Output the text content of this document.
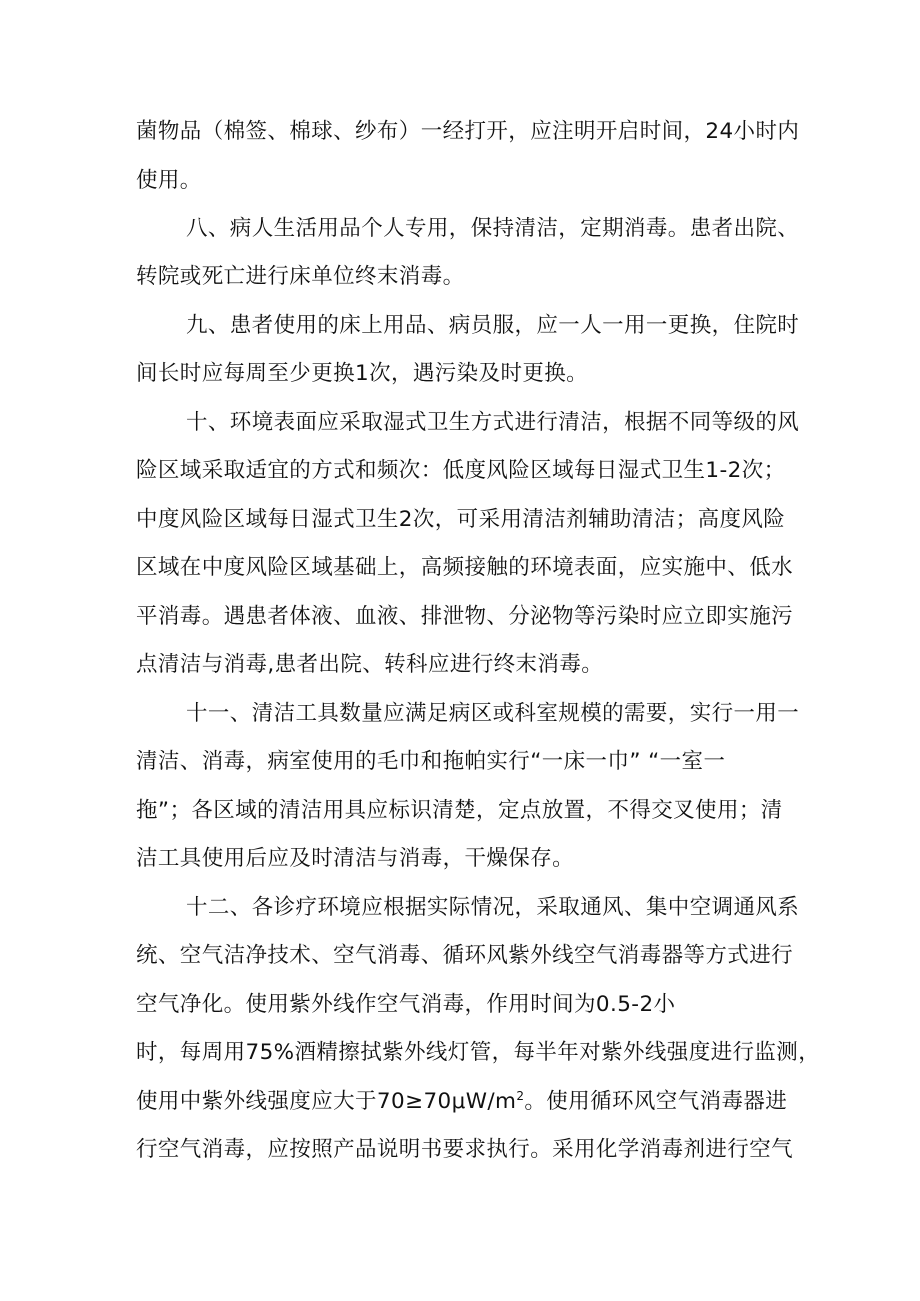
菌物品（棉签、棉球、纱布）一经打开，应注明开启时间，24小时内
使用。
八、病人生活用品个人专用，保持清洁，定期消毒。患者出院、
转院或死亡进行床单位终末消毒。
九、患者使用的床上用品、病员服，应一人一用一更换，住院时
间长时应每周至少更换1次，遇污染及时更换。
十、环境表面应采取湿式卫生方式进行清洁，根据不同等级的风
险区域采取适宜的方式和频次：低度风险区域每日湿式卫生1-2次；
中度风险区域每日湿式卫生2次，可采用清洁剂辅助清洁；高度风险
区域在中度风险区域基础上，高频接触的环境表面，应实施中、低水
平消毒。遇患者体液、血液、排泄物、分泌物等污染时应立即实施污
点清洁与消毒,患者出院、转科应进行终末消毒。
十一、清洁工具数量应满足病区或科室规模的需要，实行一用一
清洁、消毒，病室使用的毛巾和拖帕实行“一床一巾” “一室一
拖”；各区域的清洁用具应标识清楚，定点放置，不得交叉使用；清
洁工具使用后应及时清洁与消毒，干燥保存。
十二、各诊疗环境应根据实际情况，采取通风、集中空调通风系
统、空气洁净技术、空气消毒、循环风紫外线空气消毒器等方式进行
空气净化。使用紫外线作空气消毒，作用时间为0.5-2小
时，每周用75%酒精擦拭紫外线灯管，每半年对紫外线强度进行监测，
使用中紫外线强度应大于$70\ge 70\mu W/m^2$。使用循环风空气消毒器进
行空气消毒，应按照产品说明书要求执行。采用化学消毒剂进行空气
